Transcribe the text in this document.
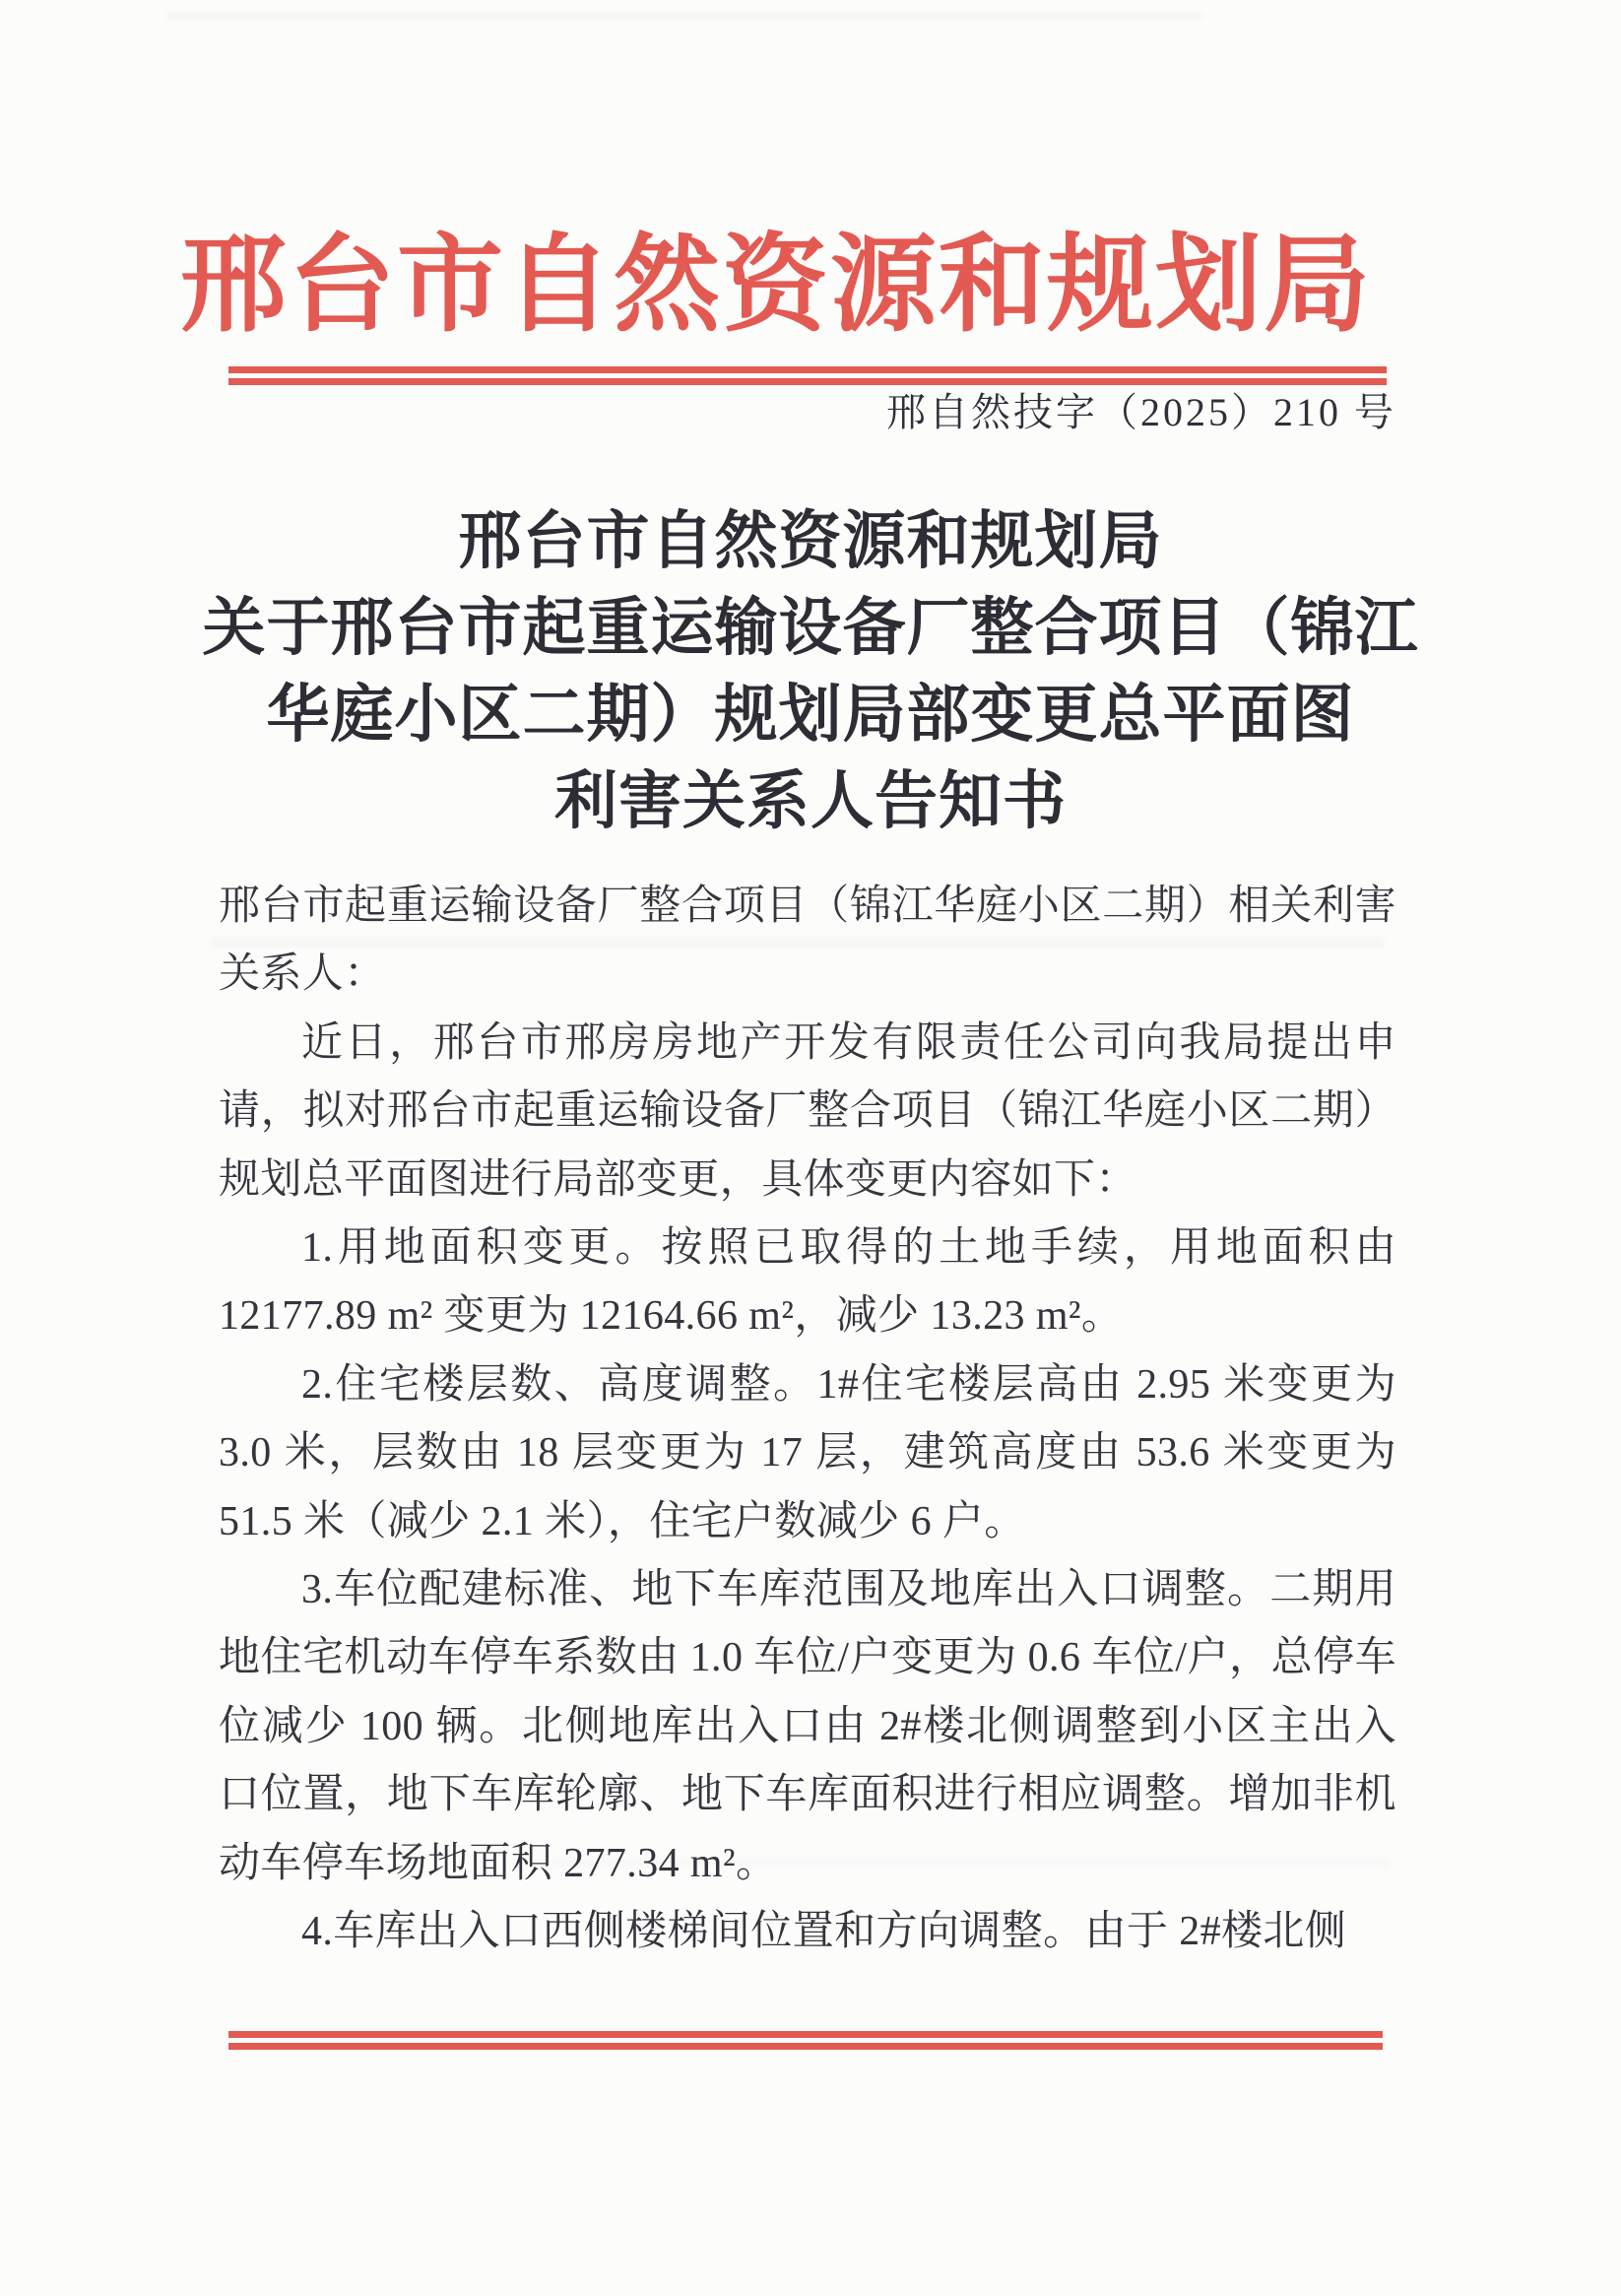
邢台市自然资源和规划局
邢自然技字（2025）210 号
邢台市自然资源和规划局
关于邢台市起重运输设备厂整合项目（锦江
华庭小区二期）规划局部变更总平面图
利害关系人告知书

邢台市起重运输设备厂整合项目（锦江华庭小区二期）相关利害关系人：

近日，邢台市邢房房地产开发有限责任公司向我局提出申请，拟对邢台市起重运输设备厂整合项目（锦江华庭小区二期）规划总平面图进行局部变更，具体变更内容如下：

1.用地面积变更。按照已取得的土地手续，用地面积由 12177.89 m² 变更为 12164.66 m²，减少 13.23 m²。

2.住宅楼层数、高度调整。1#住宅楼层高由 2.95 米变更为 3.0 米，层数由 18 层变更为 17 层，建筑高度由 53.6 米变更为 51.5 米（减少 2.1 米），住宅户数减少 6 户。

3.车位配建标准、地下车库范围及地库出入口调整。二期用地住宅机动车停车系数由 1.0 车位/户变更为 0.6 车位/户，总停车位减少 100 辆。北侧地库出入口由 2#楼北侧调整到小区主出入口位置，地下车库轮廓、地下车库面积进行相应调整。增加非机动车停车场地面积 277.34 m²。

4.车库出入口西侧楼梯间位置和方向调整。由于 2#楼北侧
